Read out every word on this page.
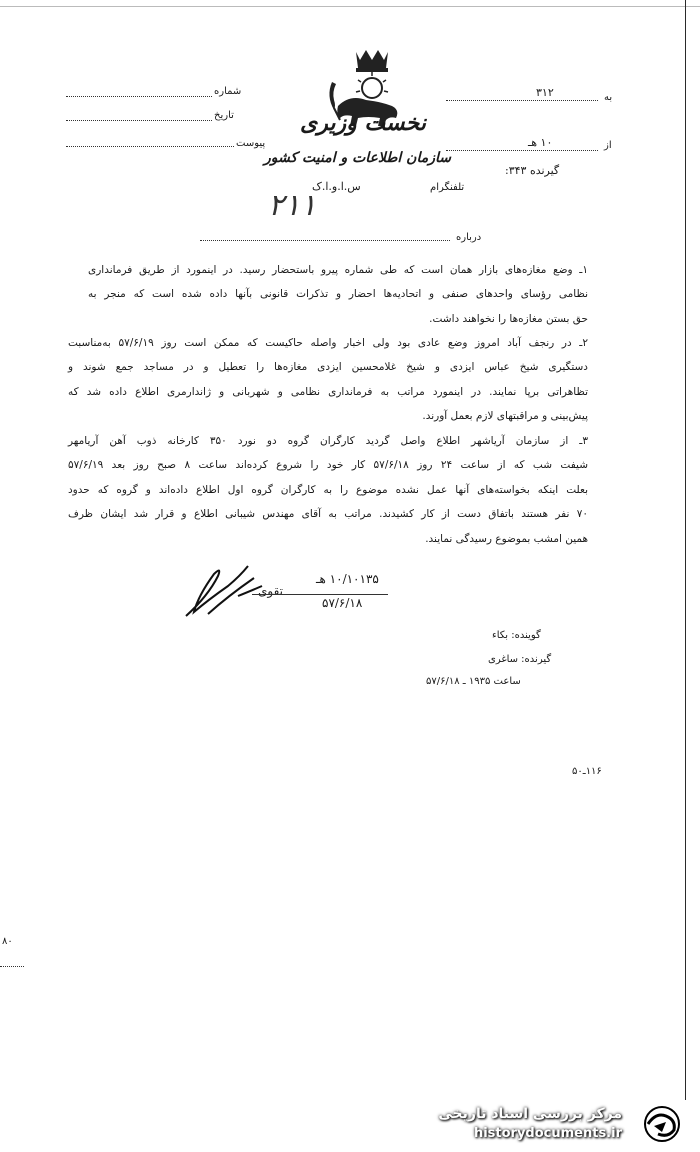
شماره
تاریخ
پیوست
نخست وزیری
سازمان اطلاعات و امنیت کشور
س.ا.و.ا.ک
۲۱۱
به
۳۱۲
از
۱۰ هـ
گیرنده ۳۴۳:
تلفنگرام
درباره
۱ـ وضع مغازه‌های بازار همان است که طی شماره پیرو باستحضار رسید. در اینمورد از طریق فرمانداری
نظامی رؤسای واحدهای صنفی و اتحادیه‌ها احضار و تذکرات قانونی بآنها داده شده است که منجر به
حق بستن مغازه‌ها را نخواهند داشت.
۲ـ در رنجف آباد امروز وضع عادی بود ولی اخبار واصله حاکیست که ممکن است روز ۵۷/۶/۱۹ به‌مناسبت
دستگیری شیخ عباس ایزدی و شیخ غلامحسین ایزدی مغازه‌ها را تعطیل و در مساجد جمع شوند و
تظاهراتی برپا نمایند. در اینمورد مراتب به فرمانداری نظامی و شهربانی و ژاندارمری اطلاع داده شد که
پیش‌بینی و مراقبتهای لازم بعمل آورند.
۳ـ از سازمان آریاشهر اطلاع واصل گردید کارگران گروه دو نورد ۳۵۰ کارخانه ذوب آهن آریامهر
شیفت شب که از ساعت ۲۴ روز ۵۷/۶/۱۸ کار خود را شروع کرده‌اند ساعت ۸ صبح روز بعد ۵۷/۶/۱۹
بعلت اینکه بخواسته‌های آنها عمل نشده موضوع را به کارگران گروه اول اطلاع داده‌اند و گروه که حدود
۷۰ نفر هستند باتفاق دست از کار کشیدند. مراتب به آقای مهندس شیبانی اطلاع و قرار شد ایشان ظرف
همین امشب بموضوع رسیدگی نمایند.
۱۰/۱۰۱۳۵ هـ
تقوی
۵۷/۶/۱۸
گوینده: بکاء
گیرنده: ساغری
ساعت ۱۹۳۵ ـ ۵۷/۶/۱۸
۱۱۶ـ۵۰
۸۰
مرکز بررسی اسناد تاریخی
historydocuments.ir
